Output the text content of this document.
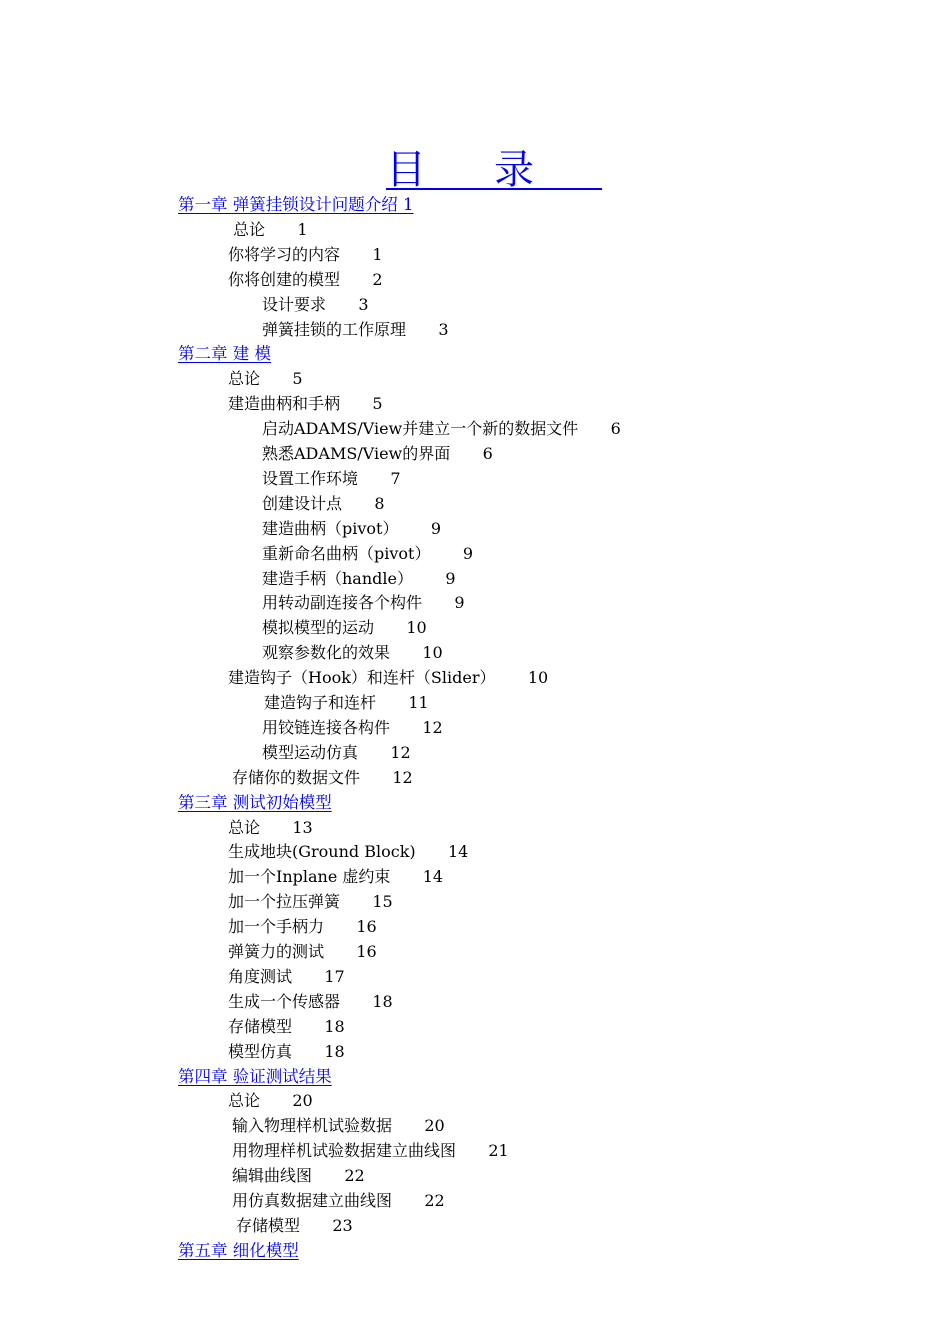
目录
第一章 弹簧挂锁设计问题介绍 1
总论    1
你将学习的内容    1
你将创建的模型    2
设计要求    3
弹簧挂锁的工作原理    3
第二章 建 模
总论    5
建造曲柄和手柄    5
启动ADAMS/View并建立一个新的数据文件    6
熟悉ADAMS/View的界面    6
设置工作环境    7
创建设计点    8
建造曲柄（pivot）    9
重新命名曲柄（pivot）    9
建造手柄（handle）    9
用转动副连接各个构件    9
模拟模型的运动    10
观察参数化的效果    10
建造钩子（Hook）和连杆（Slider）    10
建造钩子和连杆    11
用铰链连接各构件    12
模型运动仿真    12
存储你的数据文件    12
第三章 测试初始模型
总论    13
生成地块(Ground Block)    14
加一个Inplane 虚约束    14
加一个拉压弹簧    15
加一个手柄力    16
弹簧力的测试    16
角度测试    17
生成一个传感器    18
存储模型    18
模型仿真    18
第四章 验证测试结果
总论    20
输入物理样机试验数据    20
用物理样机试验数据建立曲线图    21
编辑曲线图    22
用仿真数据建立曲线图    22
存储模型    23
第五章 细化模型
